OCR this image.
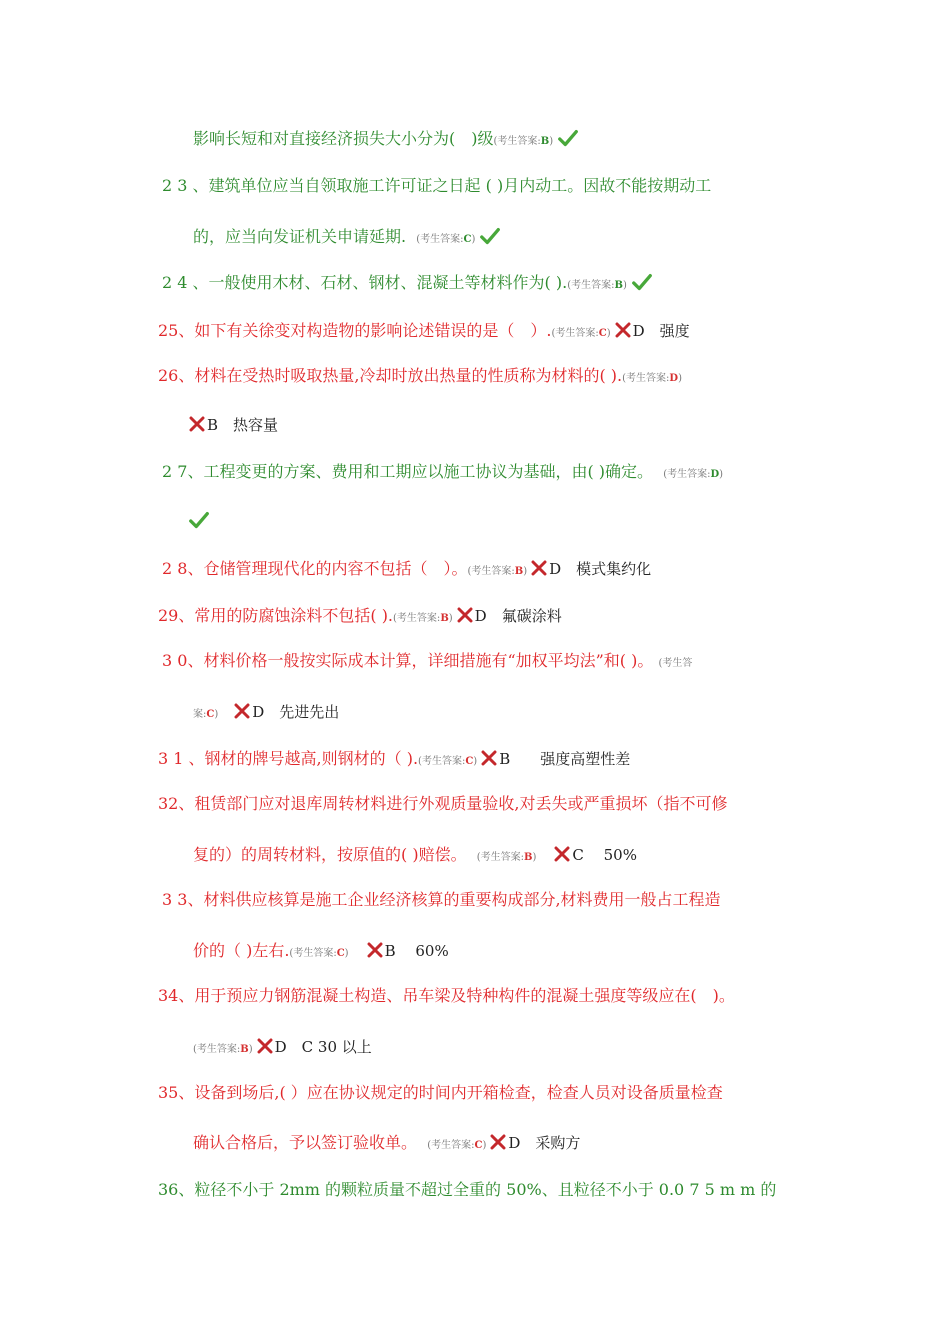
影响长短和对直接经济损失大小分为(　)级(考生答案:B)
2 3 、建筑单位应当自领取施工许可证之日起 ( )月内动工。因故不能按期动工
的，应当向发证机关申请延期. (考生答案:C)
2 4 、一般使用木材、石材、钢材、混凝土等材料作为( ).(考生答案:B)
25、如下有关徐变对构造物的影响论述错误的是（　）.(考生答案:C) D　强度
26、材料在受热时吸取热量,冷却时放出热量的性质称为材料的( ).(考生答案:D)
B　热容量
2 7、工程变更的方案、费用和工期应以施工协议为基础，由( )确定。 (考生答案:D)
2 8、仓储管理现代化的内容不包括（　）。(考生答案:B) D　模式集约化
29、常用的防腐蚀涂料不包括( ).(考生答案:B) D　氟碳涂料
3 0、材料价格一般按实际成本计算，详细措施有“加权平均法”和( )。 (考生答
案:C) D　先进先出
3 1 、钢材的牌号越高,则钢材的（ ).(考生答案:C) B　　强度高塑性差
32、租赁部门应对退库周转材料进行外观质量验收,对丢失或严重损坏（指不可修
复的）的周转材料，按原值的( )赔偿。 (考生答案:B) C　 50%
3 3、材料供应核算是施工企业经济核算的重要构成部分,材料费用一般占工程造
价的（ )左右.(考生答案:C) B　 60%
34、用于预应力钢筋混凝土构造、吊车梁及特种构件的混凝土强度等级应在(　)。
(考生答案:B) D　C 30 以上
35、设备到场后,( ）应在协议规定的时间内开箱检查，检查人员对设备质量检查
确认合格后，予以签订验收单。 (考生答案:C) D　采购方
36、粒径不小于 2mm 的颗粒质量不超过全重的 50%、且粒径不小于 0.0 7 5 m m 的
